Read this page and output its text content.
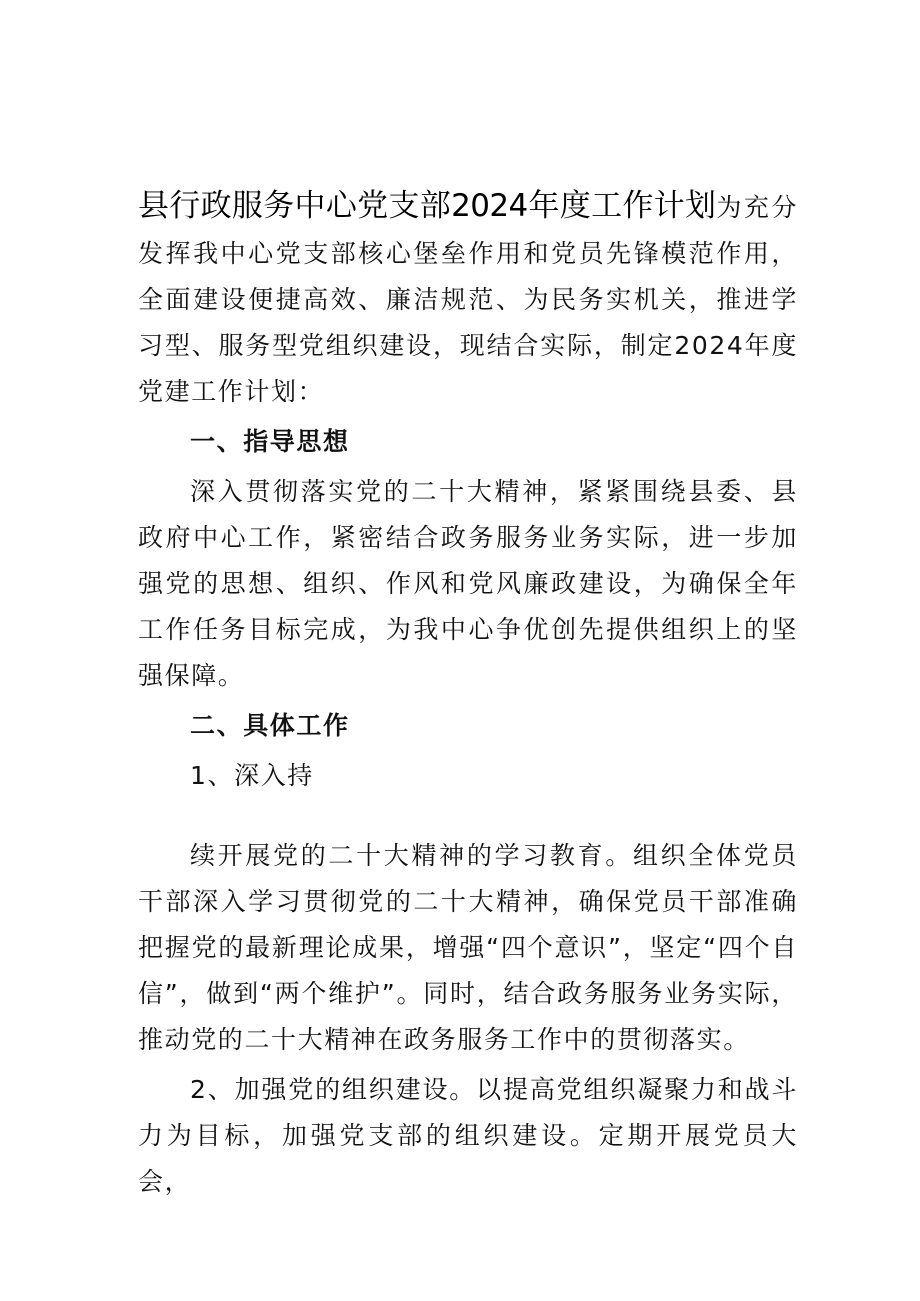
县行政服务中心党支部2024年度工作计划为充分发挥我中心党支部核心堡垒作用和党员先锋模范作用，全面建设便捷高效、廉洁规范、为民务实机关，推进学习型、服务型党组织建设，现结合实际，制定2024年度党建工作计划：

一、指导思想

深入贯彻落实党的二十大精神，紧紧围绕县委、县政府中心工作，紧密结合政务服务业务实际，进一步加强党的思想、组织、作风和党风廉政建设，为确保全年工作任务目标完成，为我中心争优创先提供组织上的坚强保障。

二、具体工作

1、深入持

续开展党的二十大精神的学习教育。组织全体党员干部深入学习贯彻党的二十大精神，确保党员干部准确把握党的最新理论成果，增强“四个意识”，坚定“四个自信”，做到“两个维护”。同时，结合政务服务业务实际，推动党的二十大精神在政务服务工作中的贯彻落实。

2、加强党的组织建设。以提高党组织凝聚力和战斗力为目标，加强党支部的组织建设。定期开展党员大会，
